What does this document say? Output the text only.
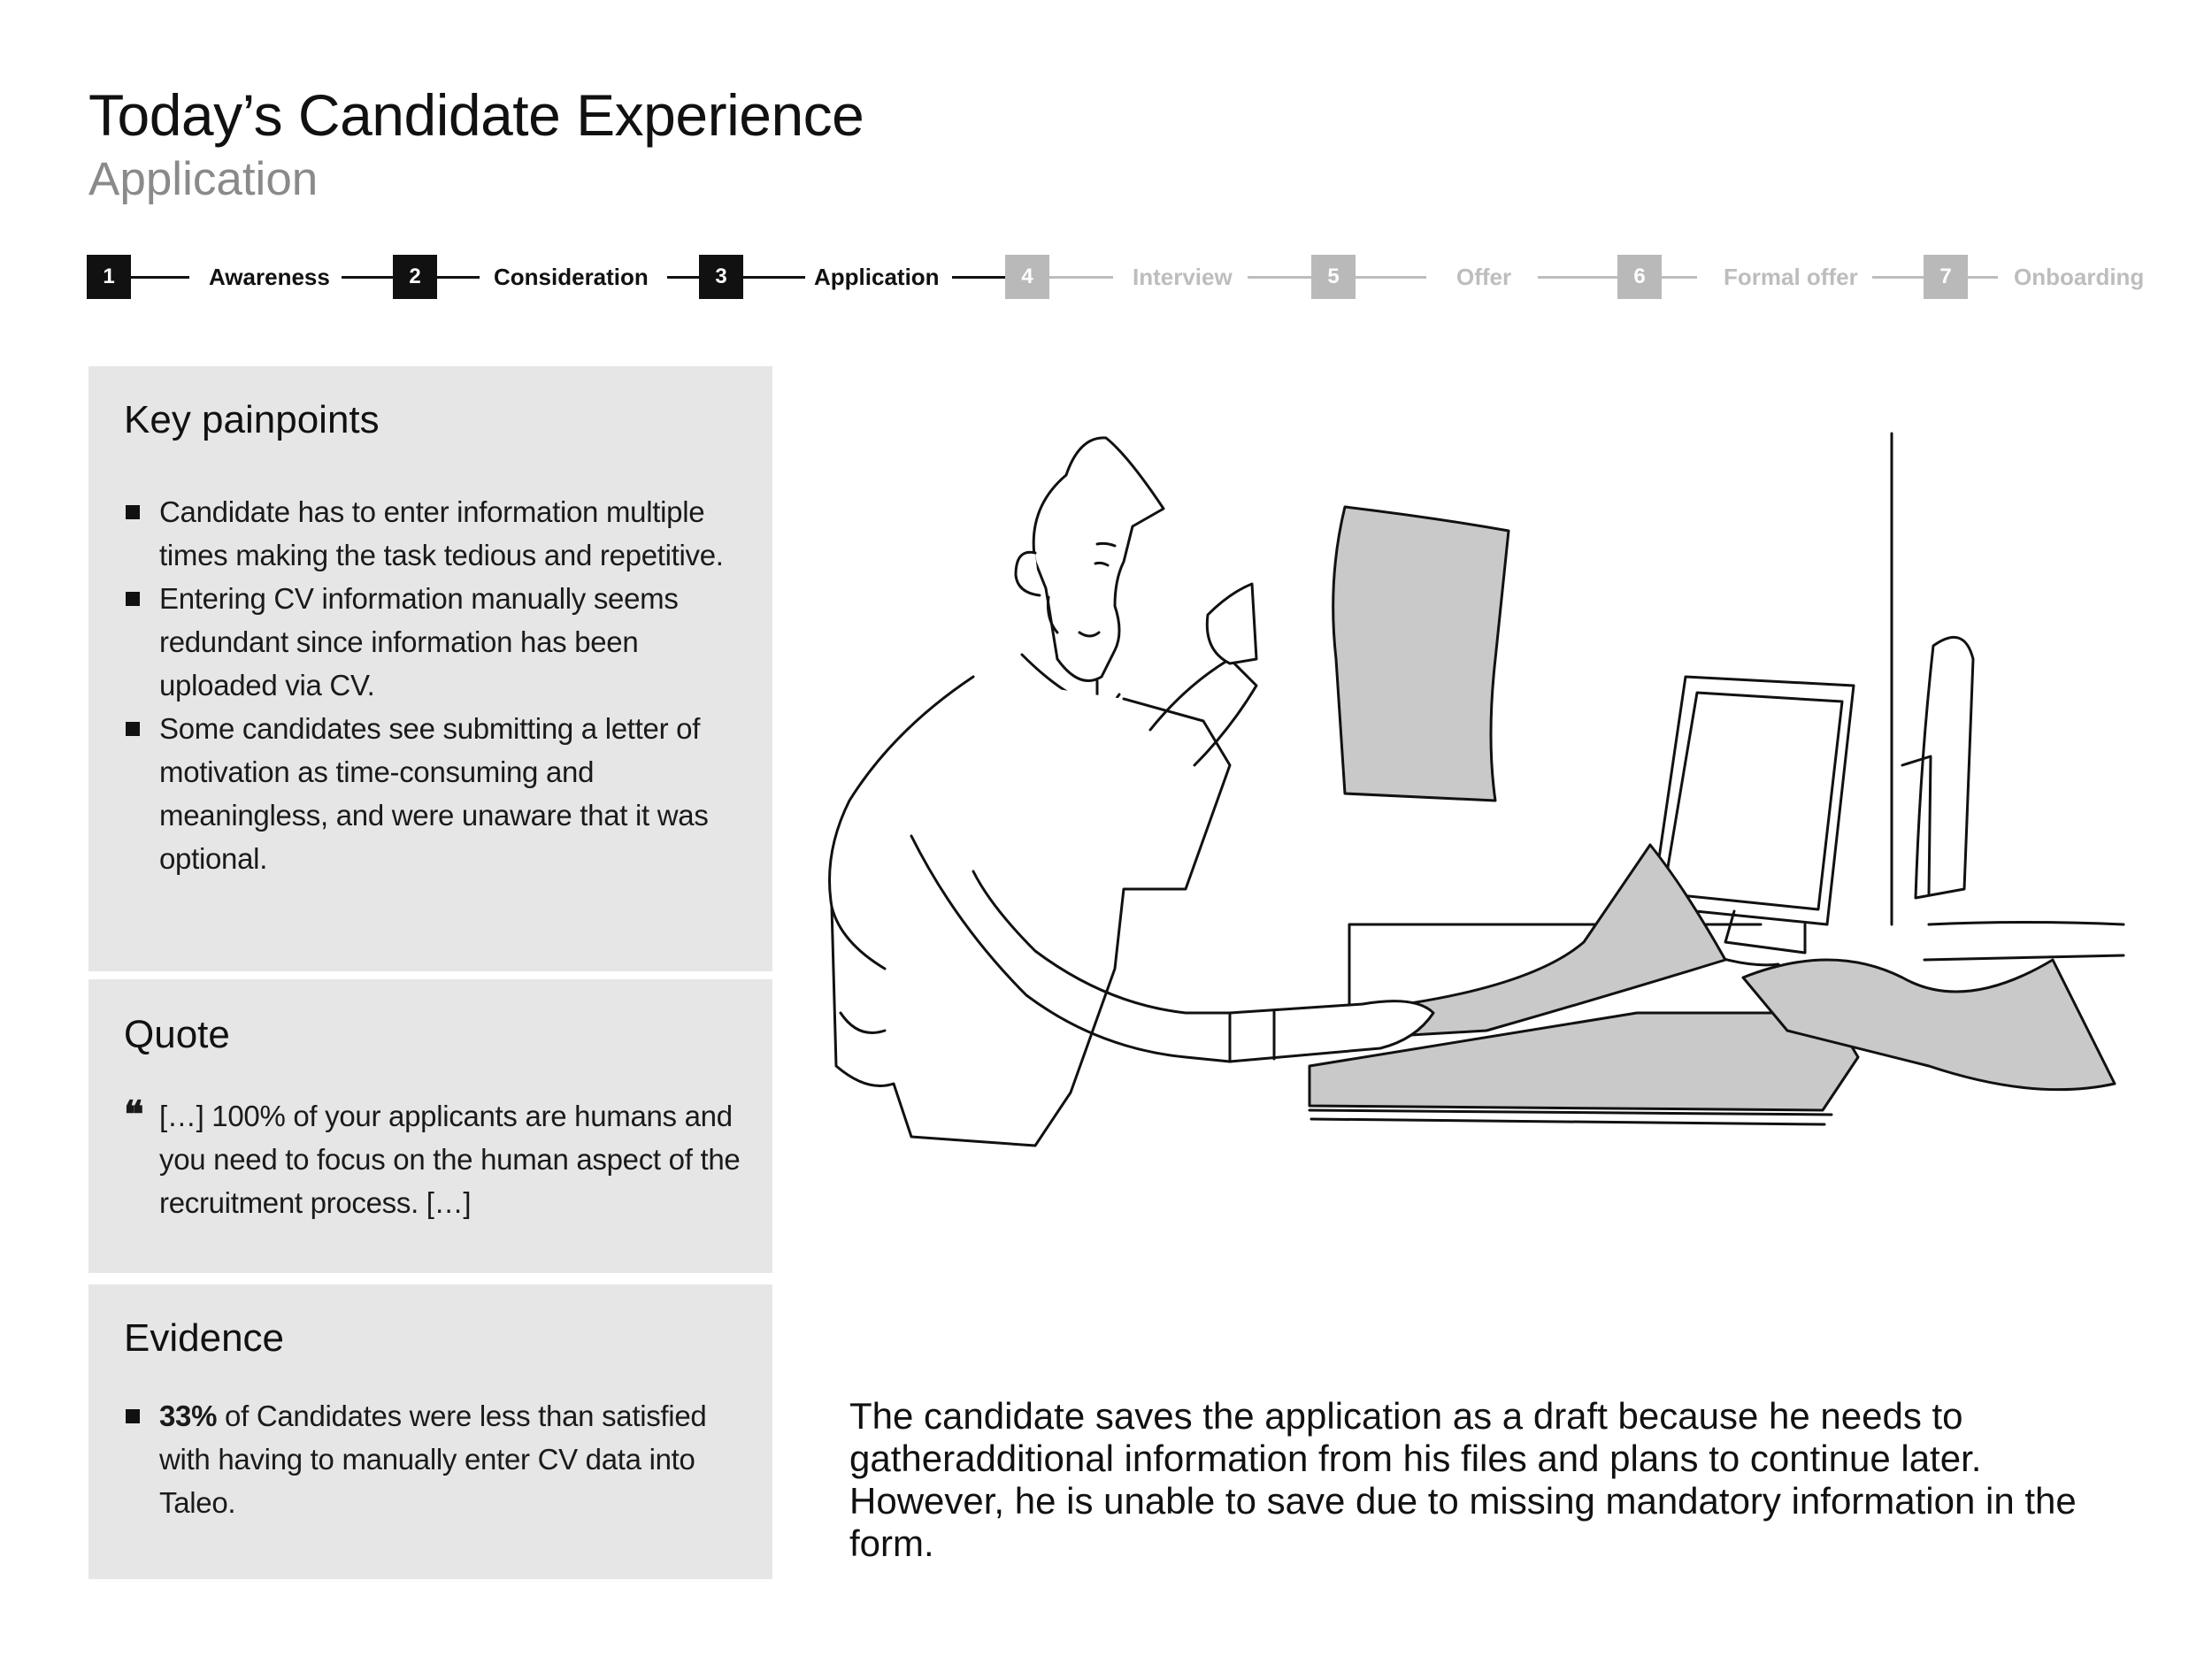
Today’s Candidate Experience
Application
1	Awareness	2	Consideration	3	Application	4	Interview	5	Offer	6	Formal offer	7	Onboarding
Key painpoints
Candidate has to enter information multiple times making the task tedious and repetitive.
Entering CV information manually seems redundant since information has been uploaded via CV.
Some candidates see submitting a letter of motivation as time-consuming and meaningless, and were unaware that it was optional.
Quote
❝ […] 100% of your applicants are humans and you need to focus on the human aspect of the recruitment process. […]
Evidence
33% of Candidates were less than satisfied with having to manually enter CV data into Taleo.
The candidate saves the application as a draft because he needs to gatheradditional information from his files and plans to continue later. However, he is unable to save due to missing mandatory information in the form.
